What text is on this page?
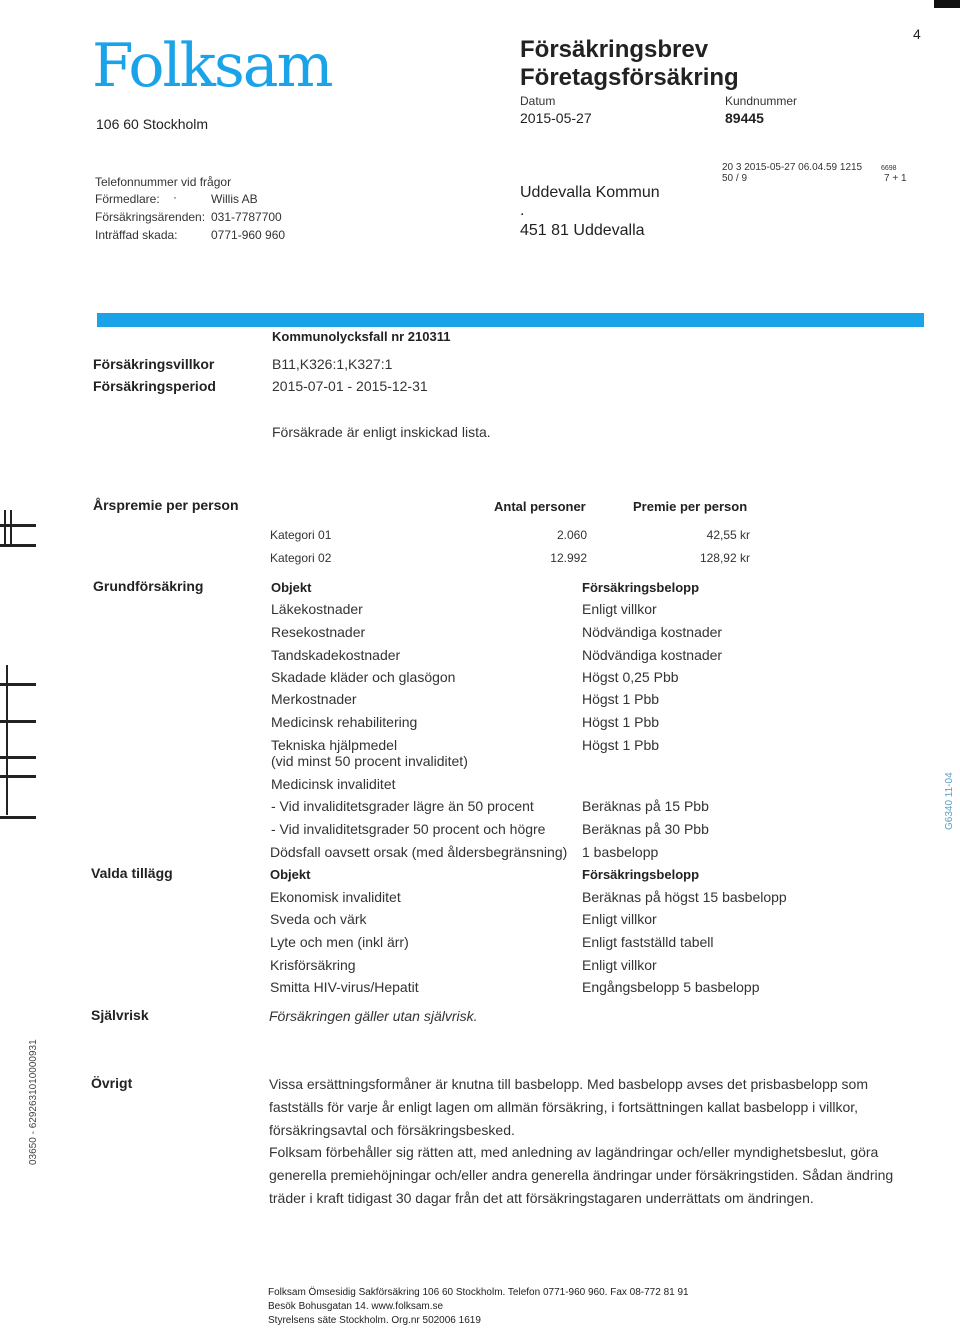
4
Folksam
106 60 Stockholm
Försäkringsbrev
Företagsförsäkring
Datum
2015-05-27
Kundnummer
89445
20 3 2015-05-27 06.04.59 1215	6698
50 / 9	7 + 1
Telefonnummer vid frågor
Förmedlare: ·	Willis AB
Försäkringsärenden: 031-7787700
Inträffad skada:	0771-960 960
Uddevalla Kommun
.
451 81 Uddevalla
Kommunolycksfall nr 210311
Försäkringsvillkor	B11,K326:1,K327:1
Försäkringsperiod	2015-07-01 - 2015-12-31
Försäkrade är enligt inskickad lista.
Årspremie per person	Antal personer	Premie per person
Kategori 01	2.060	42,55 kr
Kategori 02	12.992	128,92 kr
Grundförsäkring	Objekt	Försäkringsbelopp
Läkekostnader	Enligt villkor
Resekostnader	Nödvändiga kostnader
Tandskadekostnader	Nödvändiga kostnader
Skadade kläder och glasögon	Högst 0,25 Pbb
Merkostnader	Högst 1 Pbb
Medicinsk rehabilitering	Högst 1 Pbb
Tekniska hjälpmedel	Högst 1 Pbb
(vid minst 50 procent invaliditet)
Medicinsk invaliditet
- Vid invaliditetsgrader lägre än 50 procent	Beräknas på 15 Pbb
- Vid invaliditetsgrader 50 procent och högre	Beräknas på 30 Pbb
Dödsfall oavsett orsak (med åldersbegränsning) 1 basbelopp
Valda tillägg	Objekt	Försäkringsbelopp
Ekonomisk invaliditet	Beräknas på högst 15 basbelopp
Sveda och värk	Enligt villkor
Lyte och men (inkl ärr)	Enligt fastställd tabell
Krisförsäkring	Enligt villkor
Smitta HIV-virus/Hepatit	Engångsbelopp 5 basbelopp
Självrisk	Försäkringen gäller utan självrisk.
Övrigt	Vissa ersättningsformåner är knutna till basbelopp. Med basbelopp avses det prisbasbelopp som
fastställs för varje år enligt lagen om allmän försäkring, i fortsättningen kallat basbelopp i villkor,
försäkringsavtal och försäkringsbesked.
Folksam förbehåller sig rätten att, med anledning av lagändringar och/eller myndighetsbeslut, göra
generella premiehöjningar och/eller andra generella ändringar under försäkringstiden. Sådan ändring
träder i kraft tidigast 30 dagar från det att försäkringstagaren underrättats om ändringen.
Folksam Ömsesidig Sakförsäkring 106 60 Stockholm. Telefon 0771-960 960. Fax 08-772 81 91
Besök Bohusgatan 14. www.folksam.se
Styrelsens säte Stockholm. Org.nr 502006 1619
03650 - 6292631010000931
G6340 11-04
